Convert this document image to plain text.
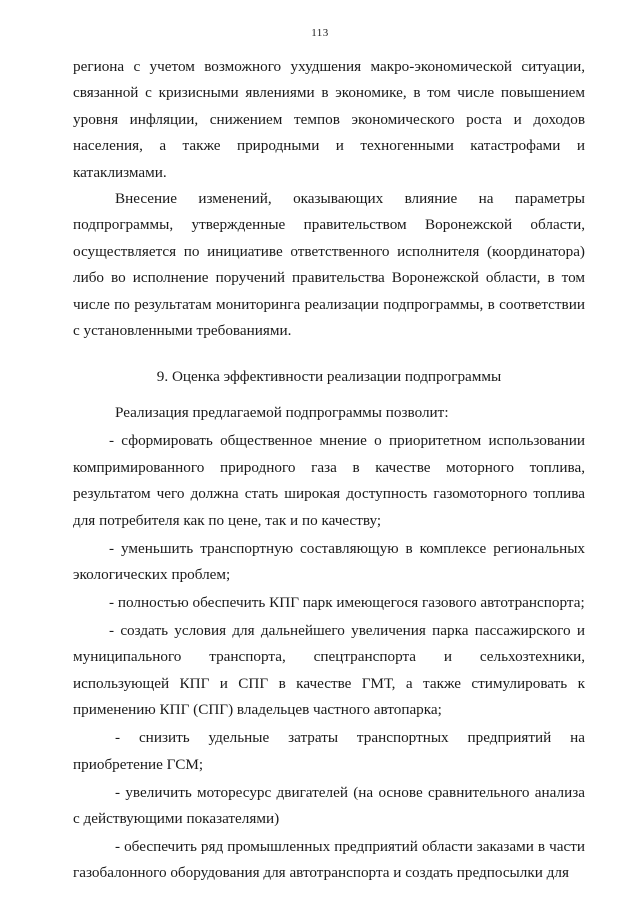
113

региона с учетом возможного ухудшения макро-экономической ситуации, связанной с кризисными явлениями в экономике, в том числе повышением уровня инфляции, снижением темпов экономического роста и доходов населения, а также природными и техногенными катастрофами и катаклизмами.

Внесение изменений, оказывающих влияние на параметры подпрограммы, утвержденные правительством Воронежской области, осуществляется по инициативе ответственного исполнителя (координатора) либо во исполнение поручений правительства Воронежской области, в том числе по результатам мониторинга реализации подпрограммы, в соответствии с установленными требованиями.

9. Оценка эффективности реализации подпрограммы

Реализация предлагаемой подпрограммы позволит:

- сформировать общественное мнение о приоритетном использовании компримированного природного газа в качестве моторного топлива, результатом чего должна стать широкая доступность газомоторного топлива для потребителя как по цене, так и по качеству;

- уменьшить транспортную составляющую в комплексе региональных экологических проблем;

- полностью обеспечить КПГ парк имеющегося газового автотранспорта;

- создать условия для дальнейшего увеличения парка пассажирского и муниципального транспорта, спецтранспорта и сельхозтехники, использующей КПГ и СПГ в качестве ГМТ, а также стимулировать к применению КПГ (СПГ) владельцев частного автопарка;

- снизить удельные затраты транспортных предприятий на приобретение ГСМ;

- увеличить моторесурс двигателей (на основе сравнительного анализа с действующими показателями)

- обеспечить ряд промышленных предприятий области заказами в части газобалонного оборудования для автотранспорта и создать предпосылки для
